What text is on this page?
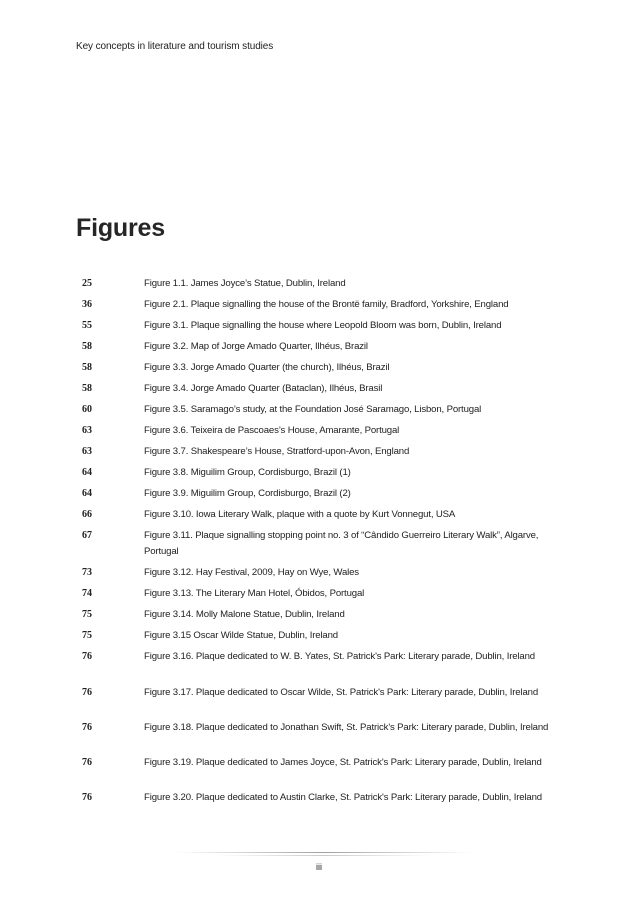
Key concepts in literature and tourism studies
Figures
25	Figure 1.1. James Joyce’s Statue, Dublin, Ireland
36	Figure 2.1. Plaque signalling the house of the Brontë family, Bradford, Yorkshire, England
55	Figure 3.1. Plaque signalling the house where Leopold Bloom was born, Dublin, Ireland
58	Figure 3.2. Map of Jorge Amado Quarter, Ilhéus, Brazil
58	Figure 3.3. Jorge Amado Quarter (the church), Ilhéus, Brazil
58	Figure 3.4. Jorge Amado Quarter (Bataclan), Ilhéus, Brasil
60	Figure 3.5. Saramago’s study, at the Foundation José Saramago, Lisbon, Portugal
63	Figure 3.6. Teixeira de Pascoaes’s House, Amarante, Portugal
63	Figure 3.7. Shakespeare’s House, Stratford-upon-Avon, England
64	Figure 3.8. Miguilim Group, Cordisburgo, Brazil (1)
64	Figure 3.9. Miguilim Group, Cordisburgo, Brazil (2)
66	Figure 3.10. Iowa Literary Walk, plaque with a quote by Kurt Vonnegut, USA
67	Figure 3.11. Plaque signalling stopping point no. 3 of “Cândido Guerreiro Literary Walk”, Algarve, Portugal
73	Figure 3.12. Hay Festival, 2009, Hay on Wye, Wales
74	Figure 3.13. The Literary Man Hotel, Óbidos, Portugal
75	Figure 3.14. Molly Malone Statue, Dublin, Ireland
75	Figure 3.15 Oscar Wilde Statue, Dublin, Ireland
76	Figure 3.16. Plaque dedicated to W. B. Yates, St. Patrick's Park: Literary parade, Dublin, Ireland
76	Figure 3.17. Plaque dedicated to Oscar Wilde, St. Patrick's Park: Literary parade, Dublin, Ireland
76	Figure 3.18. Plaque dedicated to Jonathan Swift, St. Patrick's Park: Literary parade, Dublin, Ireland
76	Figure 3.19. Plaque dedicated to James Joyce, St. Patrick's Park: Literary parade, Dublin, Ireland
76	Figure 3.20. Plaque dedicated to Austin Clarke, St. Patrick's Park: Literary parade, Dublin, Ireland
iii
